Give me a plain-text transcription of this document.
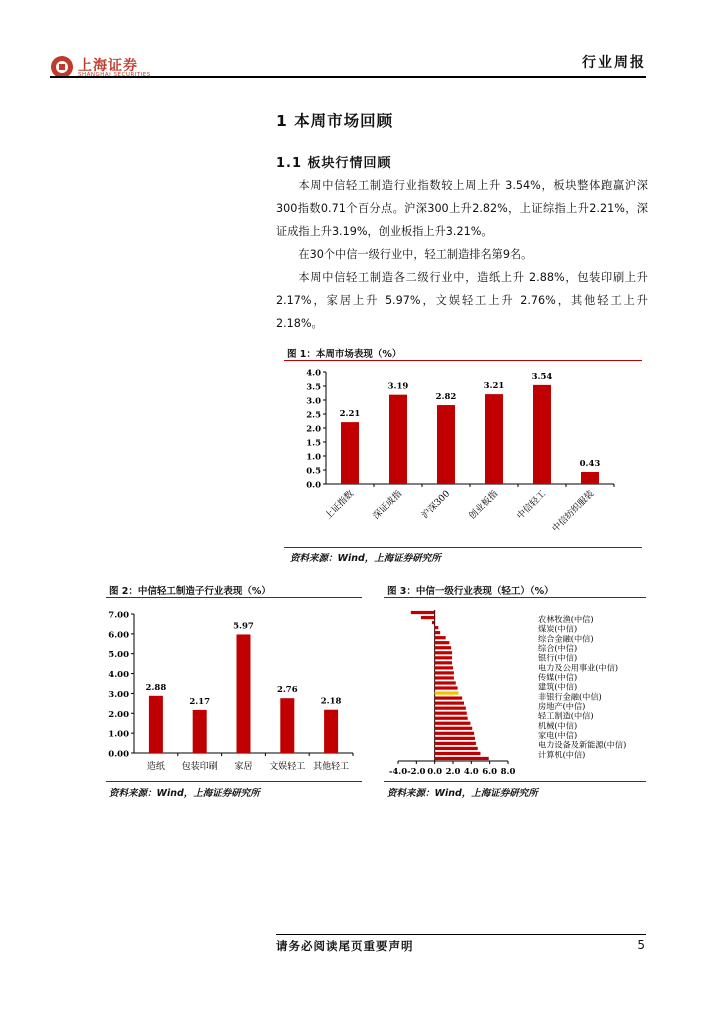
上海证券
SHANGHAI SECURITIES
行业周报
1 本周市场回顾
1.1 板块行情回顾

本周中信轻工制造行业指数较上周上升 3.54%，板块整体跑赢沪深300指数0.71个百分点。沪深300上升2.82%，上证综指上升2.21%，深证成指上升3.19%，创业板指上升3.21%。

在30个中信一级行业中，轻工制造排名第9名。

本周中信轻工制造各二级行业中，造纸上升 2.88%，包装印刷上升 2.17%，家居上升 5.97%，文娱轻工上升 2.76%，其他轻工上升2.18%。

图 1：本周市场表现（%）
0.0
0.5
1.0
1.5
2.0
2.5
3.0
3.5
4.0
2.21
上证指数
3.19
深证成指
2.82
沪深300
3.21
创业板指
3.54
中信轻工
0.43
中信纺织服装
资料来源：Wind，上海证券研究所
图 2：中信轻工制造子行业表现（%）
0.00
1.00
2.00
3.00
4.00
5.00
6.00
7.00
2.88
造纸
2.17
包装印刷
5.97
家居
2.76
文娱轻工
2.18
其他轻工
资料来源：Wind，上海证券研究所
图 3：中信一级行业表现（轻工）（%）
-4.0 -2.0 0.0 2.0 4.0 6.0 8.0
农林牧渔(中信)
煤炭(中信)
综合金融(中信)
综合(中信)
银行(中信)
电力及公用事业(中信)
传媒(中信)
建筑(中信)
非银行金融(中信)
房地产(中信)
轻工制造(中信)
机械(中信)
家电(中信)
电力设备及新能源(中信)
计算机(中信)
资料来源：Wind，上海证券研究所
请务必阅读尾页重要声明	5
